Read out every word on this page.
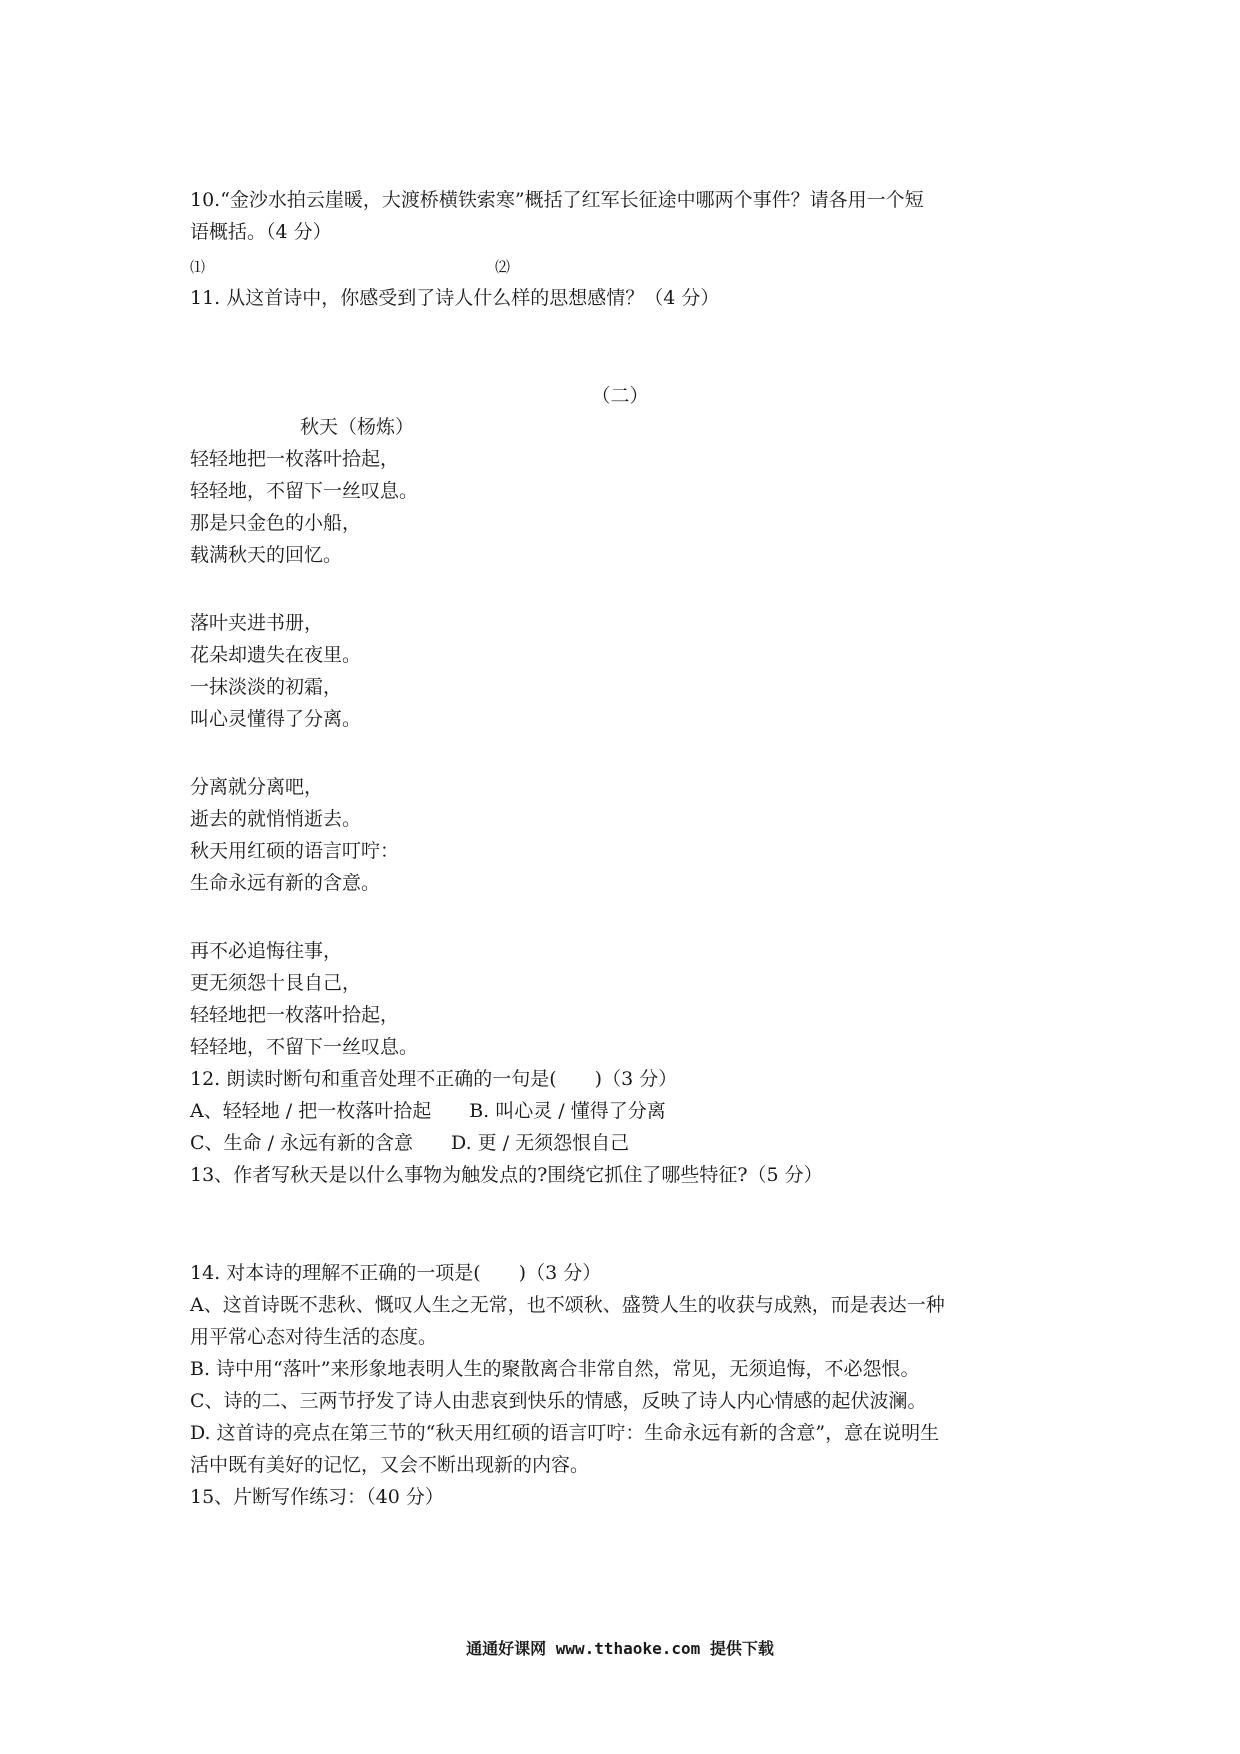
10.“金沙水拍云崖暖，大渡桥横铁索寒”概括了红军长征途中哪两个事件？请各用一个短
语概括。（4 分）
⑴	⑵
11. 从这首诗中，你感受到了诗人什么样的思想感情？（4 分）
（二）
秋天（杨炼）
轻轻地把一枚落叶拾起，
轻轻地，不留下一丝叹息。
那是只金色的小船，
载满秋天的回忆。
落叶夹进书册，
花朵却遗失在夜里。
一抹淡淡的初霜，
叫心灵懂得了分离。
分离就分离吧，
逝去的就悄悄逝去。
秋天用红硕的语言叮咛：
生命永远有新的含意。
再不必追悔往事，
更无须怨十艮自己，
轻轻地把一枚落叶拾起，
轻轻地，不留下一丝叹息。
12. 朗读时断句和重音处理不正确的一句是(　　)（3 分）
A、轻轻地 / 把一枚落叶拾起　　B. 叫心灵 / 懂得了分离
C、生命 / 永远有新的含意　　D. 更 / 无须怨恨自己
13、作者写秋天是以什么事物为触发点的?围绕它抓住了哪些特征?（5 分）
14. 对本诗的理解不正确的一项是(　　)（3 分）
A、这首诗既不悲秋、慨叹人生之无常，也不颂秋、盛赞人生的收获与成熟，而是表达一种
用平常心态对待生活的态度。
B. 诗中用“落叶”来形象地表明人生的聚散离合非常自然，常见，无须追悔，不必怨恨。
C、诗的二、三两节抒发了诗人由悲哀到快乐的情感，反映了诗人内心情感的起伏波澜。
D. 这首诗的亮点在第三节的“秋天用红硕的语言叮咛：生命永远有新的含意”，意在说明生
活中既有美好的记忆，又会不断出现新的内容。
15、片断写作练习：（40 分）
通通好课网 www.tthaoke.com 提供下载
